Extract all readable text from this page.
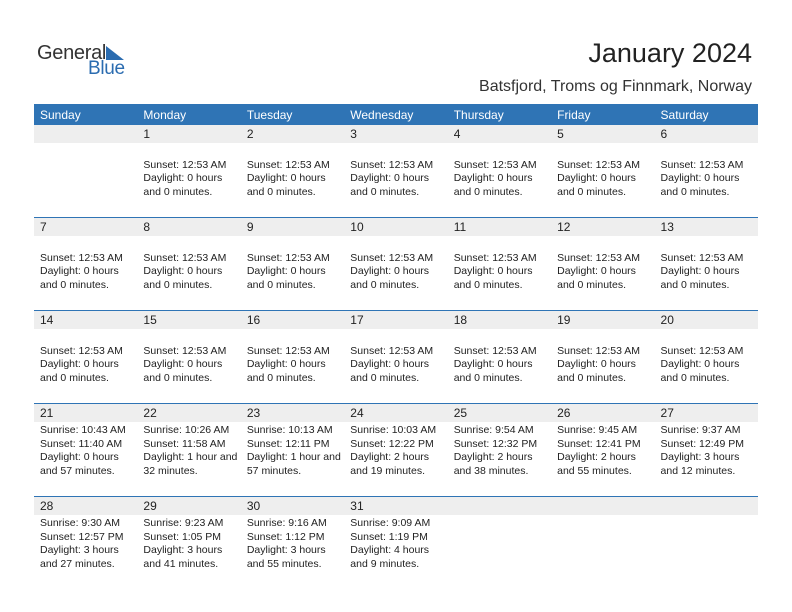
General
Blue
January 2024
Batsfjord, Troms og Finnmark, Norway
Sunday	Monday	Tuesday	Wednesday	Thursday	Friday	Saturday
	1	2	3	4	5	6

	Sunset: 12:53 AM
Daylight: 0 hours
and 0 minutes.	Sunset: 12:53 AM
Daylight: 0 hours
and 0 minutes.	Sunset: 12:53 AM
Daylight: 0 hours
and 0 minutes.	Sunset: 12:53 AM
Daylight: 0 hours
and 0 minutes.	Sunset: 12:53 AM
Daylight: 0 hours
and 0 minutes.	Sunset: 12:53 AM
Daylight: 0 hours
and 0 minutes.

7	8	9	10	11	12	13

Sunset: 12:53 AM
Daylight: 0 hours
and 0 minutes.	Sunset: 12:53 AM
Daylight: 0 hours
and 0 minutes.	Sunset: 12:53 AM
Daylight: 0 hours
and 0 minutes.	Sunset: 12:53 AM
Daylight: 0 hours
and 0 minutes.	Sunset: 12:53 AM
Daylight: 0 hours
and 0 minutes.	Sunset: 12:53 AM
Daylight: 0 hours
and 0 minutes.	Sunset: 12:53 AM
Daylight: 0 hours
and 0 minutes.

14	15	16	17	18	19	20

Sunset: 12:53 AM
Daylight: 0 hours
and 0 minutes.	Sunset: 12:53 AM
Daylight: 0 hours
and 0 minutes.	Sunset: 12:53 AM
Daylight: 0 hours
and 0 minutes.	Sunset: 12:53 AM
Daylight: 0 hours
and 0 minutes.	Sunset: 12:53 AM
Daylight: 0 hours
and 0 minutes.	Sunset: 12:53 AM
Daylight: 0 hours
and 0 minutes.	Sunset: 12:53 AM
Daylight: 0 hours
and 0 minutes.

21	22	23	24	25	26	27

Sunrise: 10:43 AM
Sunset: 11:40 AM
Daylight: 0 hours
and 57 minutes.	Sunrise: 10:26 AM
Sunset: 11:58 AM
Daylight: 1 hour and
32 minutes.	Sunrise: 10:13 AM
Sunset: 12:11 PM
Daylight: 1 hour and
57 minutes.	Sunrise: 10:03 AM
Sunset: 12:22 PM
Daylight: 2 hours
and 19 minutes.	Sunrise: 9:54 AM
Sunset: 12:32 PM
Daylight: 2 hours
and 38 minutes.	Sunrise: 9:45 AM
Sunset: 12:41 PM
Daylight: 2 hours
and 55 minutes.	Sunrise: 9:37 AM
Sunset: 12:49 PM
Daylight: 3 hours
and 12 minutes.

28	29	30	31			

Sunrise: 9:30 AM
Sunset: 12:57 PM
Daylight: 3 hours
and 27 minutes.	Sunrise: 9:23 AM
Sunset: 1:05 PM
Daylight: 3 hours
and 41 minutes.	Sunrise: 9:16 AM
Sunset: 1:12 PM
Daylight: 3 hours
and 55 minutes.	Sunrise: 9:09 AM
Sunset: 1:19 PM
Daylight: 4 hours
and 9 minutes.			
